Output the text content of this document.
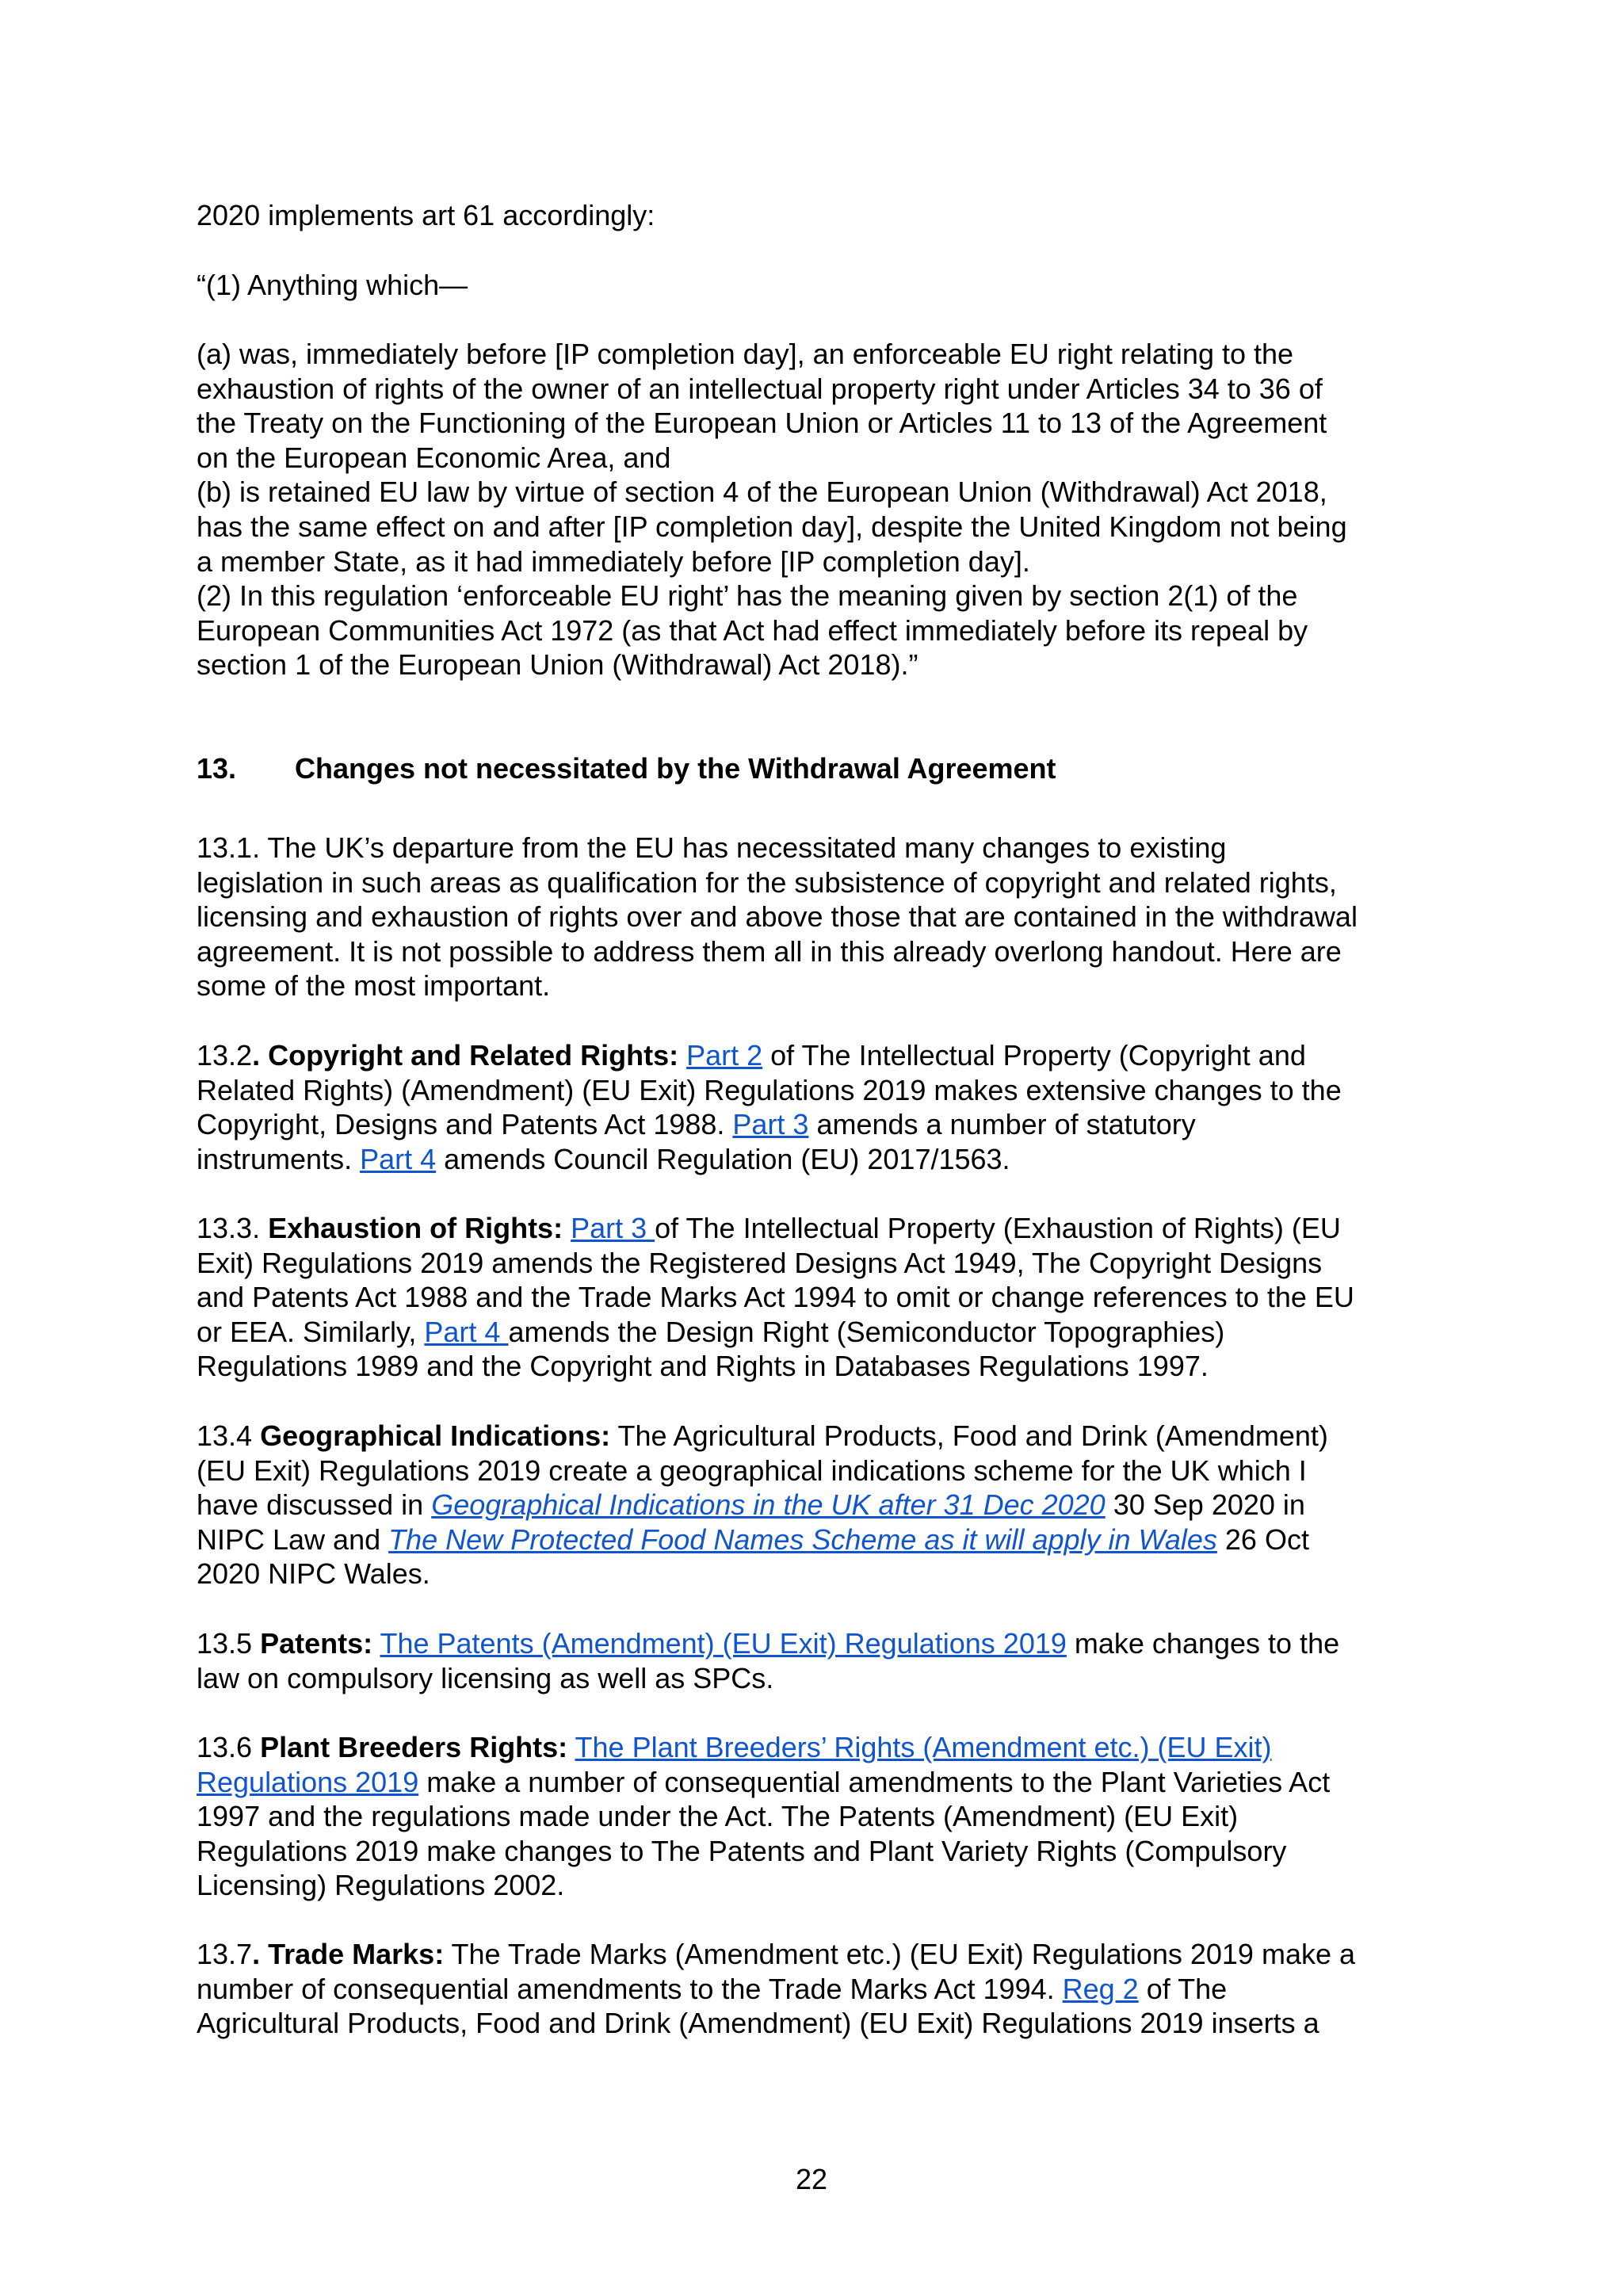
2020 implements art 61 accordingly:
“(1) Anything which—
(a) was, immediately before [IP completion day], an enforceable EU right relating to the
exhaustion of rights of the owner of an intellectual property right under Articles 34 to 36 of
the Treaty on the Functioning of the European Union or Articles 11 to 13 of the Agreement
on the European Economic Area, and
(b) is retained EU law by virtue of section 4 of the European Union (Withdrawal) Act 2018,
has the same effect on and after [IP completion day], despite the United Kingdom not being
a member State, as it had immediately before [IP completion day].
(2) In this regulation ‘enforceable EU right’ has the meaning given by section 2(1) of the
European Communities Act 1972 (as that Act had effect immediately before its repeal by
section 1 of the European Union (Withdrawal) Act 2018).”
13. Changes not necessitated by the Withdrawal Agreement
13.1. The UK’s departure from the EU has necessitated many changes to existing
legislation in such areas as qualification for the subsistence of copyright and related rights,
licensing and exhaustion of rights over and above those that are contained in the withdrawal
agreement. It is not possible to address them all in this already overlong handout. Here are
some of the most important.
13.2. Copyright and Related Rights: Part 2 of The Intellectual Property (Copyright and
Related Rights) (Amendment) (EU Exit) Regulations 2019 makes extensive changes to the
Copyright, Designs and Patents Act 1988. Part 3 amends a number of statutory
instruments. Part 4 amends Council Regulation (EU) 2017/1563.
13.3. Exhaustion of Rights: Part 3 of The Intellectual Property (Exhaustion of Rights) (EU
Exit) Regulations 2019 amends the Registered Designs Act 1949, The Copyright Designs
and Patents Act 1988 and the Trade Marks Act 1994 to omit or change references to the EU
or EEA. Similarly, Part 4 amends the Design Right (Semiconductor Topographies)
Regulations 1989 and the Copyright and Rights in Databases Regulations 1997.
13.4 Geographical Indications: The Agricultural Products, Food and Drink (Amendment)
(EU Exit) Regulations 2019 create a geographical indications scheme for the UK which I
have discussed in Geographical Indications in the UK after 31 Dec 2020 30 Sep 2020 in
NIPC Law and The New Protected Food Names Scheme as it will apply in Wales 26 Oct
2020 NIPC Wales.
13.5 Patents: The Patents (Amendment) (EU Exit) Regulations 2019 make changes to the
law on compulsory licensing as well as SPCs.
13.6 Plant Breeders Rights: The Plant Breeders’ Rights (Amendment etc.) (EU Exit)
Regulations 2019 make a number of consequential amendments to the Plant Varieties Act
1997 and the regulations made under the Act. The Patents (Amendment) (EU Exit)
Regulations 2019 make changes to The Patents and Plant Variety Rights (Compulsory
Licensing) Regulations 2002.
13.7. Trade Marks: The Trade Marks (Amendment etc.) (EU Exit) Regulations 2019 make a
number of consequential amendments to the Trade Marks Act 1994. Reg 2 of The
Agricultural Products, Food and Drink (Amendment) (EU Exit) Regulations 2019 inserts a
22
